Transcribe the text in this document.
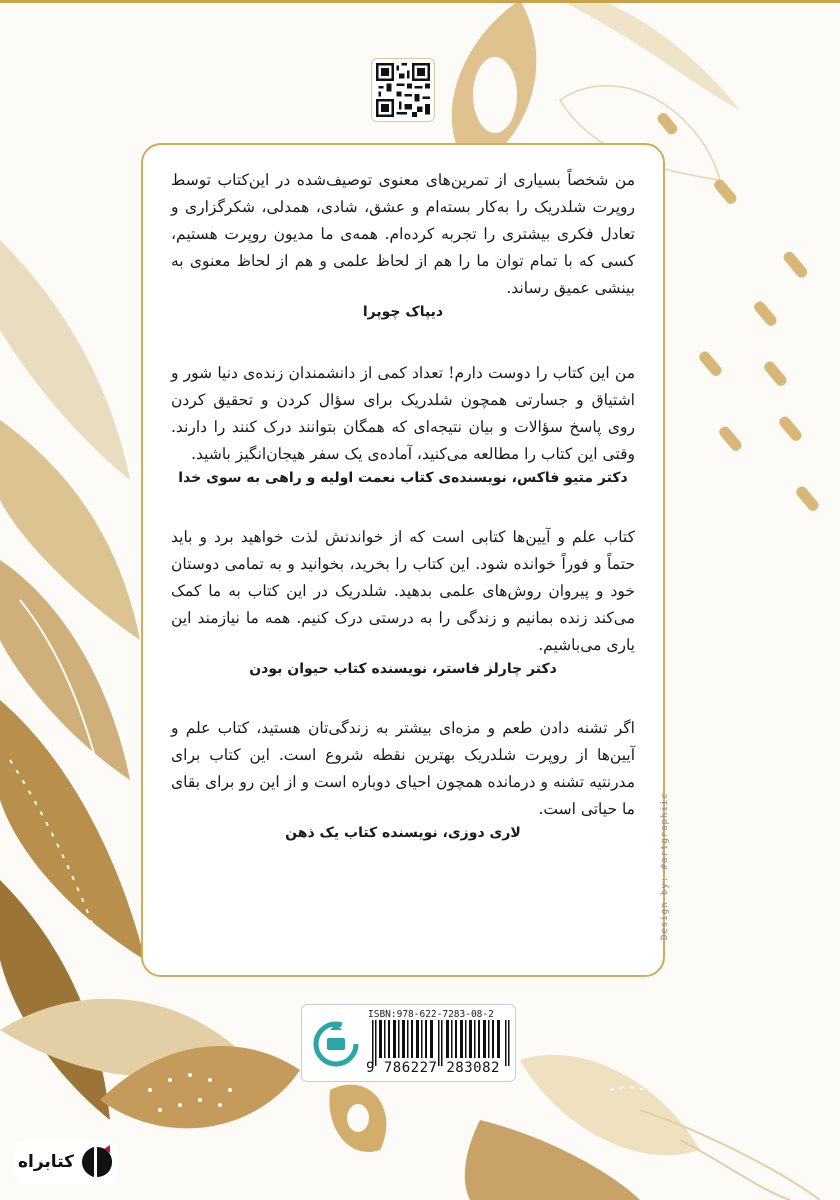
من شخصاً بسیاری از تمرین‌های معنوی توصیف‌شده در این‌کتاب توسط روپرت شلدریک را به‌کار بسته‌ام و عشق، شادی، همدلی، شکرگزاری و تعادل فکری بیشتری را تجربه کرده‌ام. همه‌ی ما مدیون روپرت هستیم، کسی که با تمام توان ما را هم از لحاظ علمی و هم از لحاظ معنوی به بینشی عمیق رساند.
دیپاک چوپرا
من این کتاب را دوست دارم! تعداد کمی از دانشمندان زنده‌ی دنیا شور و اشتیاق و جسارتی همچون شلدریک برای سؤال کردن و تحقیق کردن روی پاسخ سؤالات و بیان نتیجه‌ای که همگان بتوانند درک کنند را دارند. وقتی این کتاب را مطالعه می‌کنید، آماده‌ی یک سفر هیجان‌انگیز باشید.
دکتر متیو فاکس، نویسنده‌ی کتاب نعمت اولیه و راهی به سوی خدا
کتاب علم و آیین‌ها کتابی است که از خواندنش لذت خواهید برد و باید حتماً و فوراً خوانده شود. این کتاب را بخرید، بخوانید و به تمامی دوستان خود و پیروان روش‌های علمی بدهید. شلدریک در این کتاب به ما کمک می‌کند زنده بمانیم و زندگی را به درستی درک کنیم. همه ما نیازمند این یاری می‌باشیم.
دکتر چارلز فاستر، نویسنده کتاب حیوان بودن
اگر تشنه دادن طعم و مزه‌ای بیشتر به زندگی‌تان هستید، کتاب علم و آیین‌ها از روپرت شلدریک بهترین نقطه شروع است. این کتاب برای مدرنتیه تشنه و درمانده همچون احیای دوباره است و از این رو برای بقای ما حیاتی است.
لاری دوزی، نویسنده کتاب یک ذهن	Design by: #artgraphiic
ISBN:978-622-7283-08-2
9 786227 283082
کتابراه
